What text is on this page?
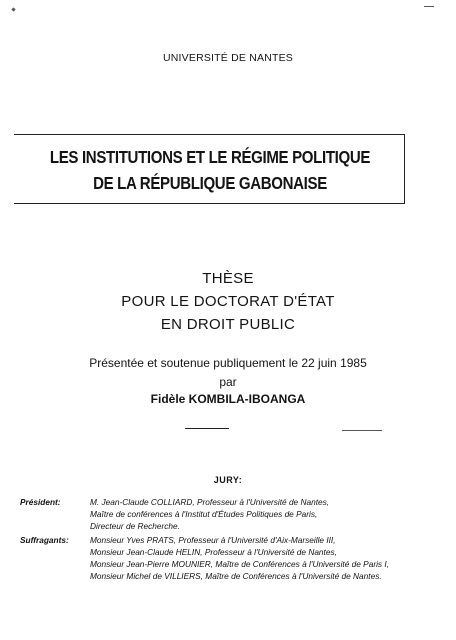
UNIVERSITÉ DE NANTES
LES INSTITUTIONS ET LE RÉGIME POLITIQUE
DE LA RÉPUBLIQUE GABONAISE
THÈSE
POUR LE DOCTORAT D'ÉTAT
EN DROIT PUBLIC
Présentée et soutenue publiquement le 22 juin 1985
par
Fidèle KOMBILA-IBOANGA
JURY:
Président:	M. Jean-Claude COLLIARD, Professeur à l'Université de Nantes,
Maître de conférences à l'Institut d'Études Politiques de Paris,
Directeur de Recherche.
Suffragants:	Monsieur Yves PRATS, Professeur à l'Université d'Aix-Marseille III,
Monsieur Jean-Claude HELIN, Professeur à l'Université de Nantes,
Monsieur Jean-Pierre MOUNIER, Maître de Conférences à l'Université de Paris I,
Monsieur Michel de VILLIERS, Maître de Conférences à l'Université de Nantes.
